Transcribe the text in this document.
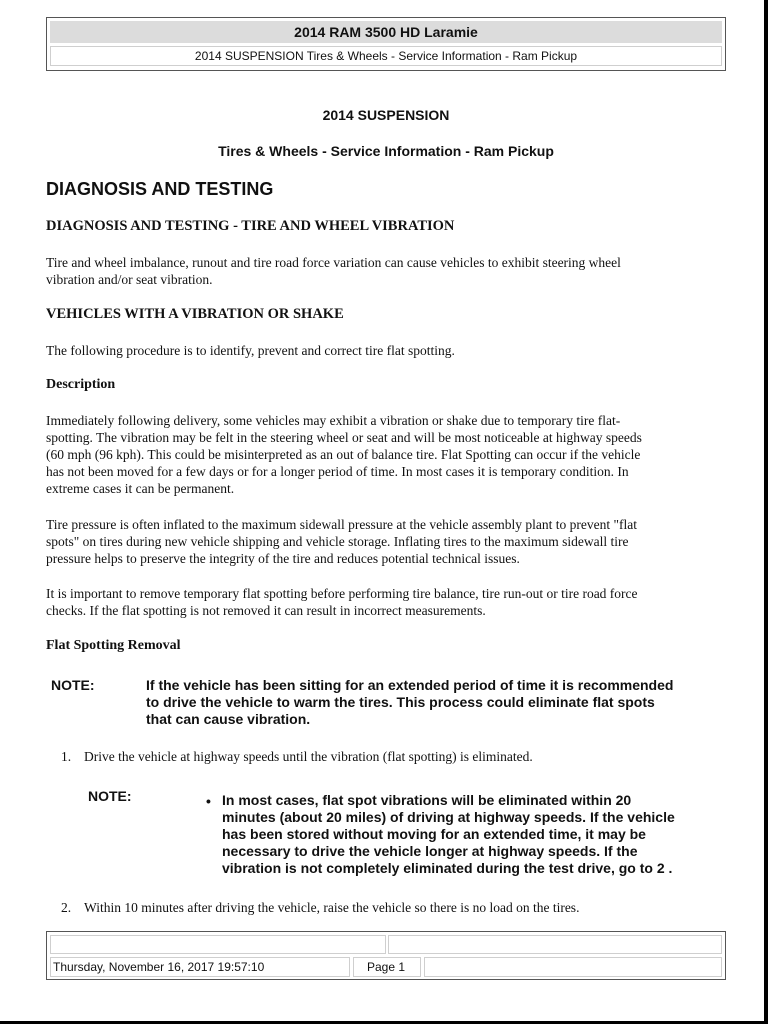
2014 RAM 3500 HD Laramie
2014 SUSPENSION Tires & Wheels - Service Information - Ram Pickup
2014 SUSPENSION
Tires & Wheels - Service Information - Ram Pickup
DIAGNOSIS AND TESTING
DIAGNOSIS AND TESTING - TIRE AND WHEEL VIBRATION
Tire and wheel imbalance, runout and tire road force variation can cause vehicles to exhibit steering wheel
vibration and/or seat vibration.
VEHICLES WITH A VIBRATION OR SHAKE
The following procedure is to identify, prevent and correct tire flat spotting.
Description
Immediately following delivery, some vehicles may exhibit a vibration or shake due to temporary tire flat-
spotting. The vibration may be felt in the steering wheel or seat and will be most noticeable at highway speeds
(60 mph (96 kph). This could be misinterpreted as an out of balance tire. Flat Spotting can occur if the vehicle
has not been moved for a few days or for a longer period of time. In most cases it is temporary condition. In
extreme cases it can be permanent.
Tire pressure is often inflated to the maximum sidewall pressure at the vehicle assembly plant to prevent "flat
spots" on tires during new vehicle shipping and vehicle storage. Inflating tires to the maximum sidewall tire
pressure helps to preserve the integrity of the tire and reduces potential technical issues.
It is important to remove temporary flat spotting before performing tire balance, tire run-out or tire road force
checks. If the flat spotting is not removed it can result in incorrect measurements.
Flat Spotting Removal
NOTE:	If the vehicle has been sitting for an extended period of time it is recommended
to drive the vehicle to warm the tires. This process could eliminate flat spots
that can cause vibration.
1. Drive the vehicle at highway speeds until the vibration (flat spotting) is eliminated.
NOTE:	• In most cases, flat spot vibrations will be eliminated within 20
minutes (about 20 miles) of driving at highway speeds. If the vehicle
has been stored without moving for an extended time, it may be
necessary to drive the vehicle longer at highway speeds. If the
vibration is not completely eliminated during the test drive, go to 2 .
2. Within 10 minutes after driving the vehicle, raise the vehicle so there is no load on the tires.
Thursday, November 16, 2017 19:57:10	Page 1
